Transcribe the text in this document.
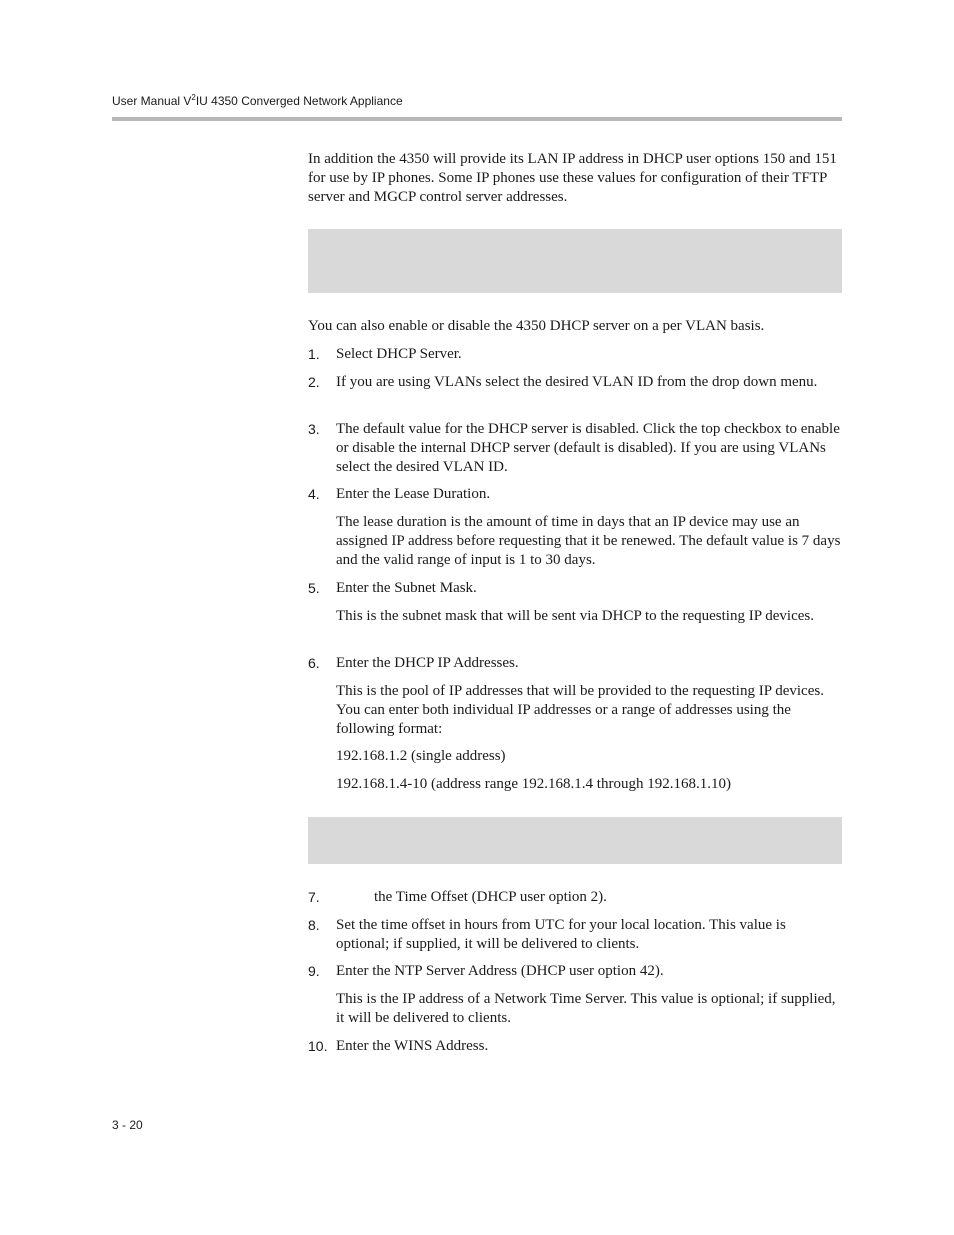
User Manual $V^2IU$ 4350 Converged Network Appliance

In addition the 4350 will provide its LAN IP address in DHCP user options 150 and 151 for use by IP phones. Some IP phones use these values for configuration of their TFTP server and MGCP control server addresses.

You can also enable or disable the 4350 DHCP server on a per VLAN basis.

1. Select DHCP Server.
2. If you are using VLANs select the desired VLAN ID from the drop down menu.
3. The default value for the DHCP server is disabled. Click the top checkbox to enable or disable the internal DHCP server (default is disabled). If you are using VLANs select the desired VLAN ID.
4. Enter the Lease Duration.

The lease duration is the amount of time in days that an IP device may use an assigned IP address before requesting that it be renewed. The default value is 7 days and the valid range of input is 1 to 30 days.

5. Enter the Subnet Mask.

This is the subnet mask that will be sent via DHCP to the requesting IP devices.

6. Enter the DHCP IP Addresses.

This is the pool of IP addresses that will be provided to the requesting IP devices. You can enter both individual IP addresses or a range of addresses using the following format:

192.168.1.2 (single address)

192.168.1.4-10 (address range 192.168.1.4 through 192.168.1.10)

7.	the Time Offset (DHCP user option 2).
8. Set the time offset in hours from UTC for your local location. This value is optional; if supplied, it will be delivered to clients.
9. Enter the NTP Server Address (DHCP user option 42).

This is the IP address of a Network Time Server. This value is optional; if supplied, it will be delivered to clients.

10. Enter the WINS Address.
3 - 20
